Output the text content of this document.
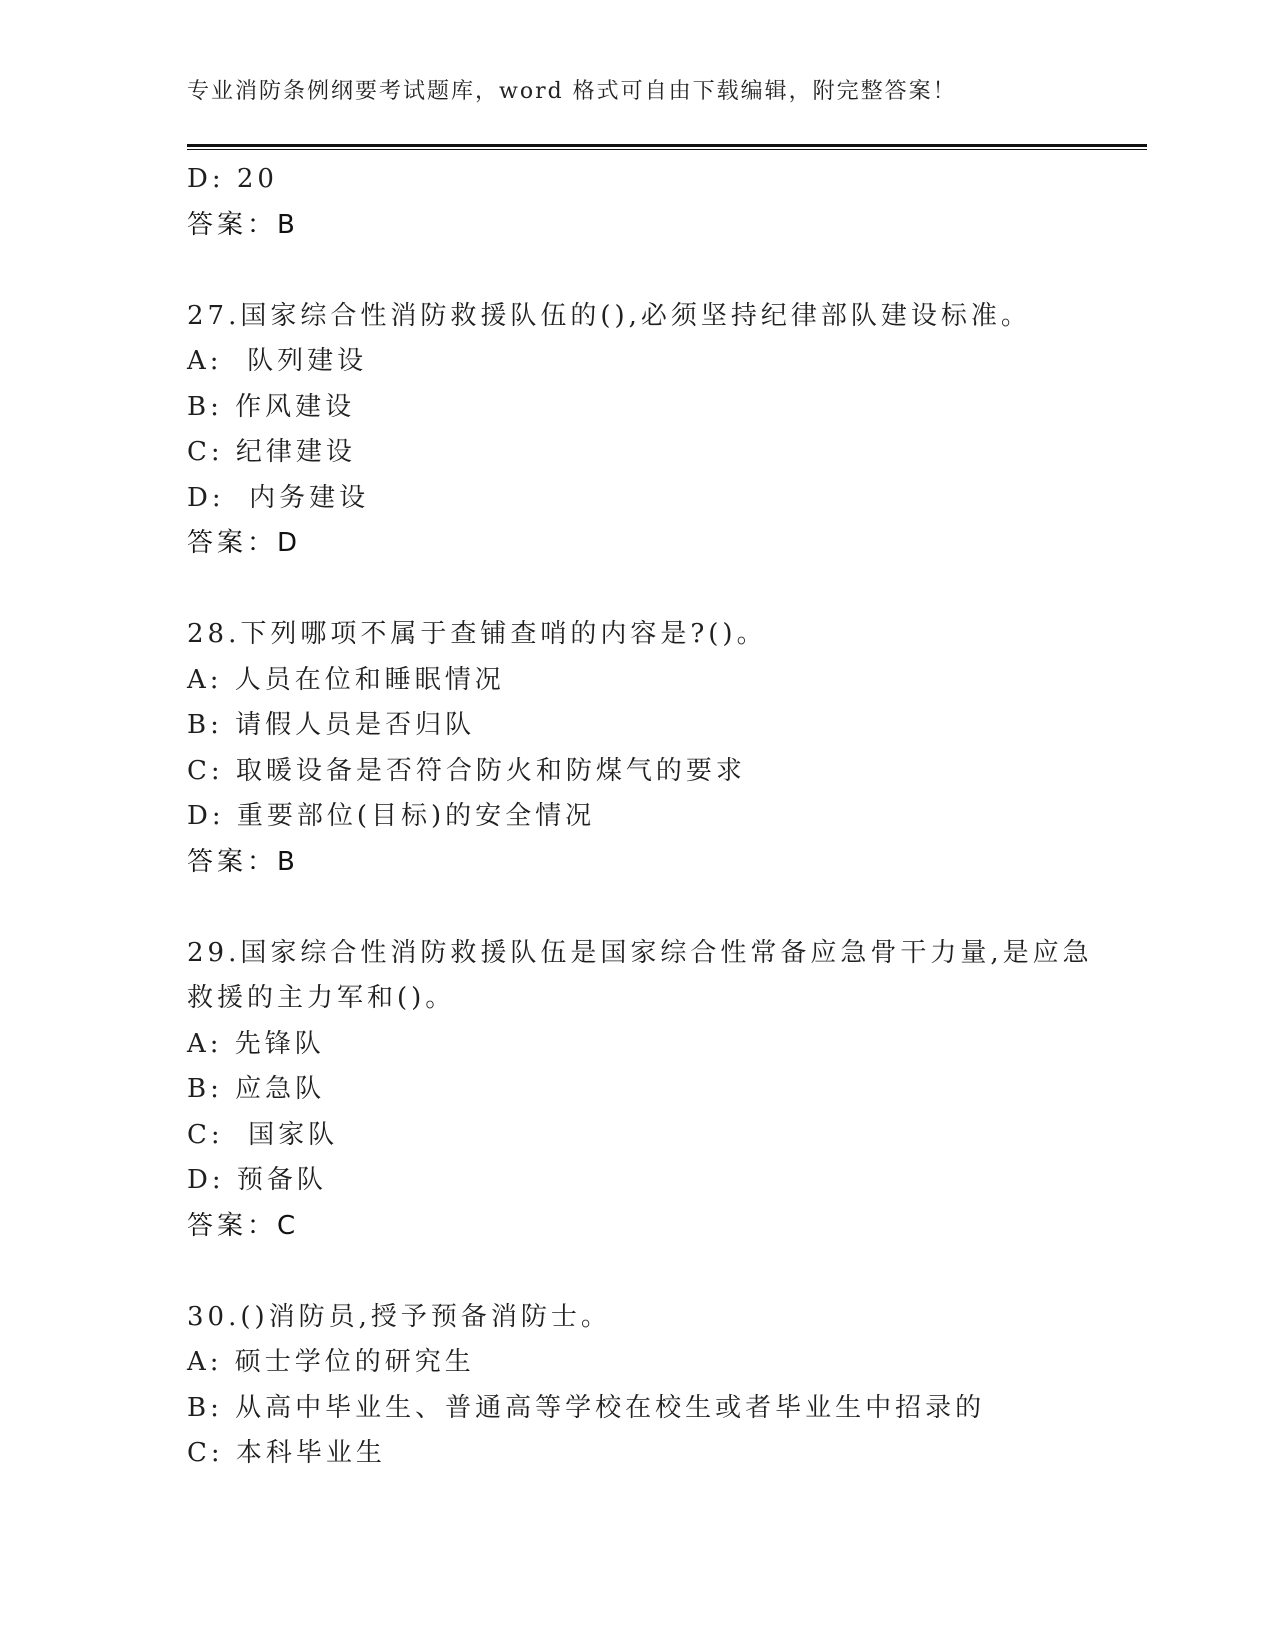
专业消防条例纲要考试题库，word 格式可自由下载编辑，附完整答案！
D: 20
答案：B
27.国家综合性消防救援队伍的(),必须坚持纪律部队建设标准。
A:  队列建设
B: 作风建设
C: 纪律建设
D:  内务建设
答案：D
28.下列哪项不属于查铺查哨的内容是?()。
A: 人员在位和睡眠情况
B: 请假人员是否归队
C: 取暖设备是否符合防火和防煤气的要求
D: 重要部位(目标)的安全情况
答案：B
29.国家综合性消防救援队伍是国家综合性常备应急骨干力量,是应急
救援的主力军和()。
A: 先锋队
B: 应急队
C:  国家队
D: 预备队
答案：C
30.()消防员,授予预备消防士。
A: 硕士学位的研究生
B: 从高中毕业生、普通高等学校在校生或者毕业生中招录的
C: 本科毕业生
